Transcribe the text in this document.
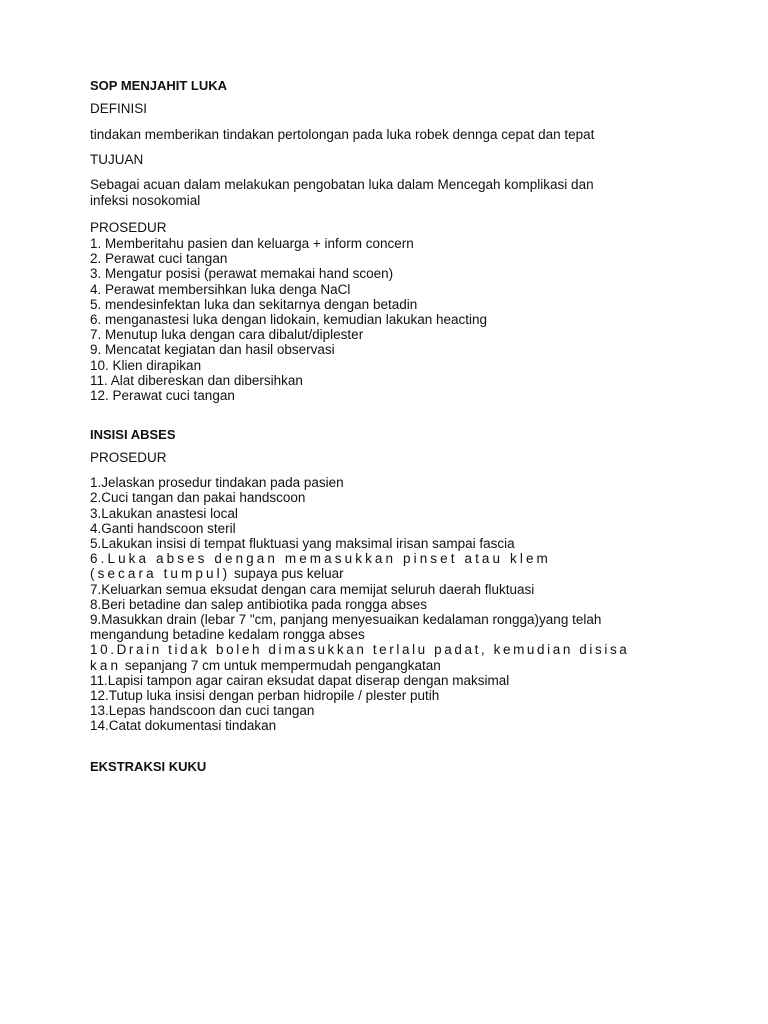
SOP MENJAHIT LUKA

DEFINISI

tindakan memberikan tindakan pertolongan pada luka robek dennga cepat dan tepat

TUJUAN

Sebagai acuan dalam melakukan pengobatan luka dalam Mencegah komplikasi dan

infeksi nosokomial

PROSEDUR

1. Memberitahu pasien dan keluarga + inform concern
2. Perawat cuci tangan
3. Mengatur posisi (perawat memakai hand scoen)
4. Perawat membersihkan luka denga NaCl
5. mendesinfektan luka dan sekitarnya dengan betadin
6. menganastesi luka dengan lidokain, kemudian lakukan heacting
7. Menutup luka dengan cara dibalut/diplester
9. Mencatat kegiatan dan hasil observasi
10. Klien dirapikan
11. Alat dibereskan dan dibersihkan
12. Perawat cuci tangan

INSISI ABSES

PROSEDUR

1.Jelaskan prosedur tindakan pada pasien
2.Cuci tangan dan pakai handscoon
3.Lakukan anastesi local
4.Ganti handscoon steril
5.Lakukan insisi di tempat fluktuasi yang maksimal irisan sampai fascia
6.Luka abses dengan memasukkan pinset atau klem
(secara tumpul) supaya pus keluar
7.Keluarkan semua eksudat dengan cara memijat seluruh daerah fluktuasi
8.Beri betadine dan salep antibiotika pada rongga abses
9.Masukkan drain (lebar 7 "cm, panjang menyesuaikan kedalaman rongga)yang telah
mengandung betadine kedalam rongga abses
10.Drain tidak boleh dimasukkan terlalu padat, kemudian disisa
kan sepanjang 7 cm untuk mempermudah pengangkatan
11.Lapisi tampon agar cairan eksudat dapat diserap dengan maksimal
12.Tutup luka insisi dengan perban hidropile / plester putih
13.Lepas handscoon dan cuci tangan
14.Catat dokumentasi tindakan

EKSTRAKSI KUKU
